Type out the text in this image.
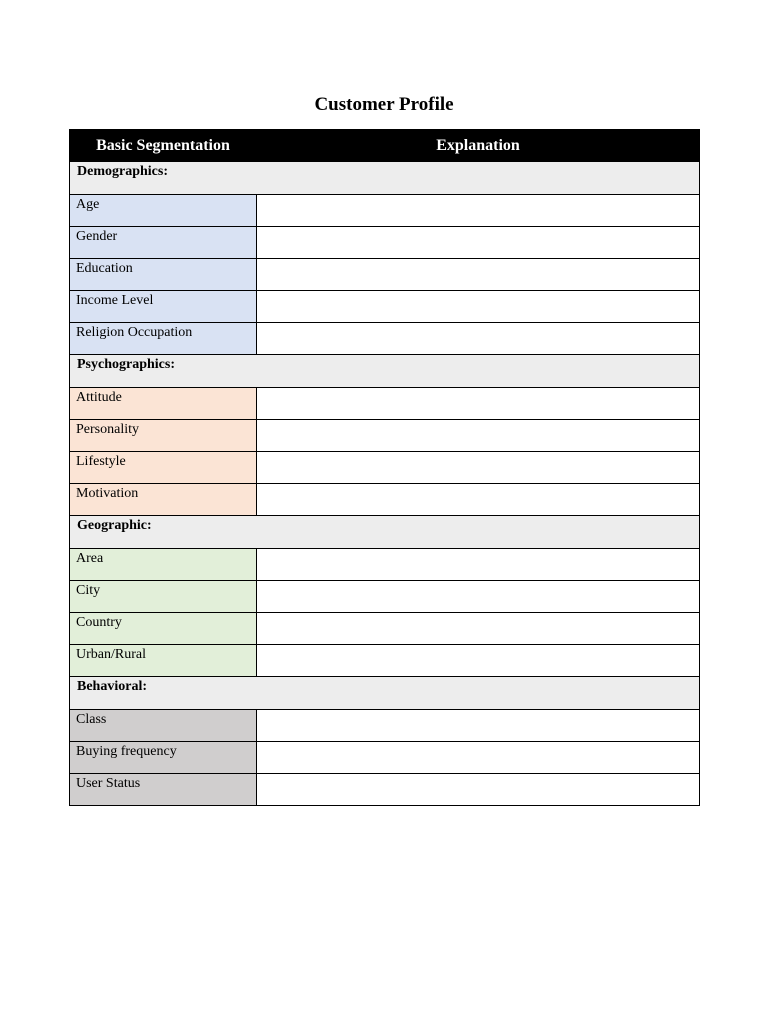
Customer Profile
Basic Segmentation	Explanation
Demographics:	
Age	
Gender	
Education	
Income Level	
Religion Occupation	
Psychographics:	
Attitude	
Personality	
Lifestyle	
Motivation	
Geographic:	
Area	
City	
Country	
Urban/Rural	
Behavioral:	
Class	
Buying frequency	
User Status	
